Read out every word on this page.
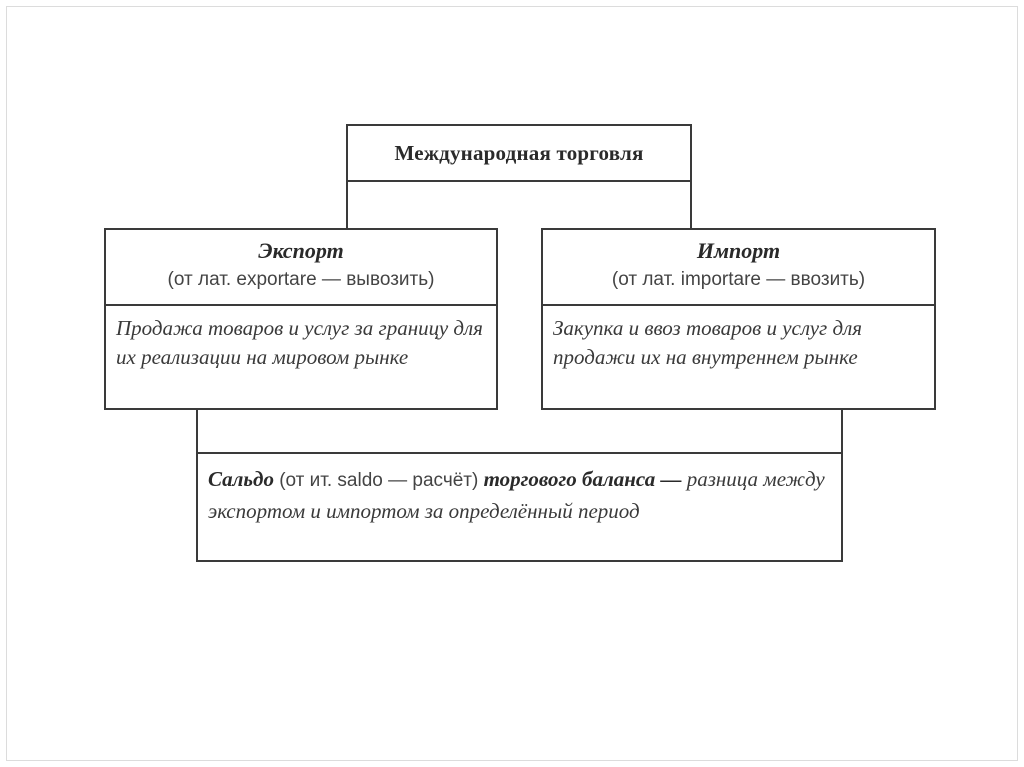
Международная торговля
Экспорт
(от лат. exportare — вывозить)
Продажа товаров и услуг за границу для их реализации на мировом рынке
Импорт
(от лат. importare — ввозить)
Закупка и ввоз товаров и услуг для продажи их на внутреннем рынке
Сальдо (от ит. saldo — расчёт) торгового баланса — разница между экспортом и импортом за определённый период
